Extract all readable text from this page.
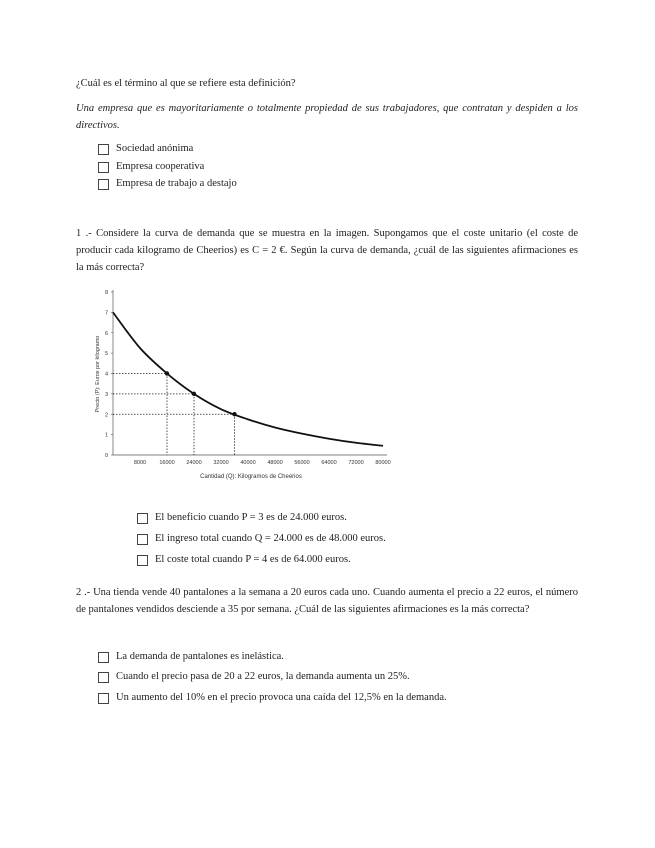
¿Cuál es el término al que se refiere esta definición?

Una empresa que es mayoritariamente o totalmente propiedad de sus trabajadores, que contratan y despiden a los directivos.

Sociedad anónima
Empresa cooperativa
Empresa de trabajo a destajo

1 .- Considere la curva de demanda que se muestra en la imagen. Supongamos que el coste unitario (el coste de producir cada kilogramo de Cheerios) es C = 2 €. Según la curva de demanda, ¿cuál de las siguientes afirmaciones es la más correcta?

8000 16000 24000 32000 40000 48000 56000 64000 72000 80000
0
1
2
3
4
5
6
7
8
Cantidad (Q): Kilogramos de Cheerios
Precio (P): Euros por kilogramo
El beneficio cuando P = 3 es de 24.000 euros.
El ingreso total cuando Q = 24.000 es de 48.000 euros.
El coste total cuando P = 4 es de 64.000 euros.

2 .- Una tienda vende 40 pantalones a la semana a 20 euros cada uno. Cuando aumenta el precio a 22 euros, el número de pantalones vendidos desciende a 35 por semana. ¿Cuál de las siguientes afirmaciones es la más correcta?

La demanda de pantalones es inelástica.
Cuando el precio pasa de 20 a 22 euros, la demanda aumenta un 25%.
Un aumento del 10% en el precio provoca una caída del 12,5% en la demanda.
